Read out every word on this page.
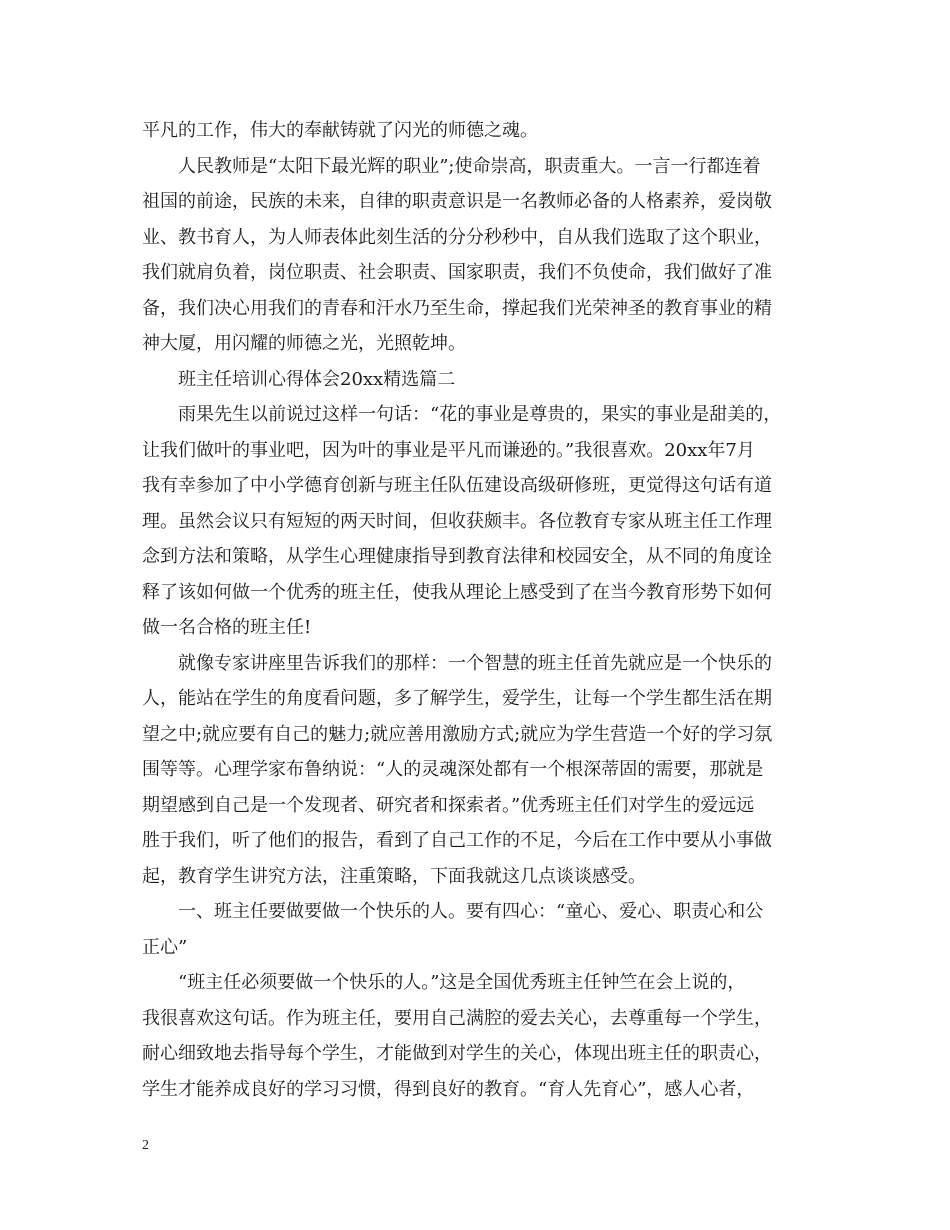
平凡的工作，伟大的奉献铸就了闪光的师德之魂。
人民教师是“太阳下最光辉的职业”;使命崇高，职责重大。一言一行都连着
祖国的前途，民族的未来，自律的职责意识是一名教师必备的人格素养，爱岗敬
业、教书育人，为人师表体此刻生活的分分秒秒中，自从我们选取了这个职业，
我们就肩负着，岗位职责、社会职责、国家职责，我们不负使命，我们做好了准
备，我们决心用我们的青春和汗水乃至生命，撑起我们光荣神圣的教育事业的精
神大厦，用闪耀的师德之光，光照乾坤。
班主任培训心得体会20xx精选篇二
雨果先生以前说过这样一句话：“花的事业是尊贵的，果实的事业是甜美的，
让我们做叶的事业吧，因为叶的事业是平凡而谦逊的。”我很喜欢。20xx年7月
我有幸参加了中小学德育创新与班主任队伍建设高级研修班，更觉得这句话有道
理。虽然会议只有短短的两天时间，但收获颇丰。各位教育专家从班主任工作理
念到方法和策略，从学生心理健康指导到教育法律和校园安全，从不同的角度诠
释了该如何做一个优秀的班主任，使我从理论上感受到了在当今教育形势下如何
做一名合格的班主任!
就像专家讲座里告诉我们的那样：一个智慧的班主任首先就应是一个快乐的
人，能站在学生的角度看问题，多了解学生，爱学生，让每一个学生都生活在期
望之中;就应要有自己的魅力;就应善用激励方式;就应为学生营造一个好的学习氛
围等等。心理学家布鲁纳说：“人的灵魂深处都有一个根深蒂固的需要，那就是
期望感到自己是一个发现者、研究者和探索者。”优秀班主任们对学生的爱远远
胜于我们，听了他们的报告，看到了自己工作的不足，今后在工作中要从小事做
起，教育学生讲究方法，注重策略，下面我就这几点谈谈感受。
一、班主任要做要做一个快乐的人。要有四心：“童心、爱心、职责心和公
正心”
“班主任必须要做一个快乐的人。”这是全国优秀班主任钟竺在会上说的，
我很喜欢这句话。作为班主任，要用自己满腔的爱去关心，去尊重每一个学生，
耐心细致地去指导每个学生，才能做到对学生的关心，体现出班主任的职责心，
学生才能养成良好的学习习惯，得到良好的教育。“育人先育心”，感人心者，
2
